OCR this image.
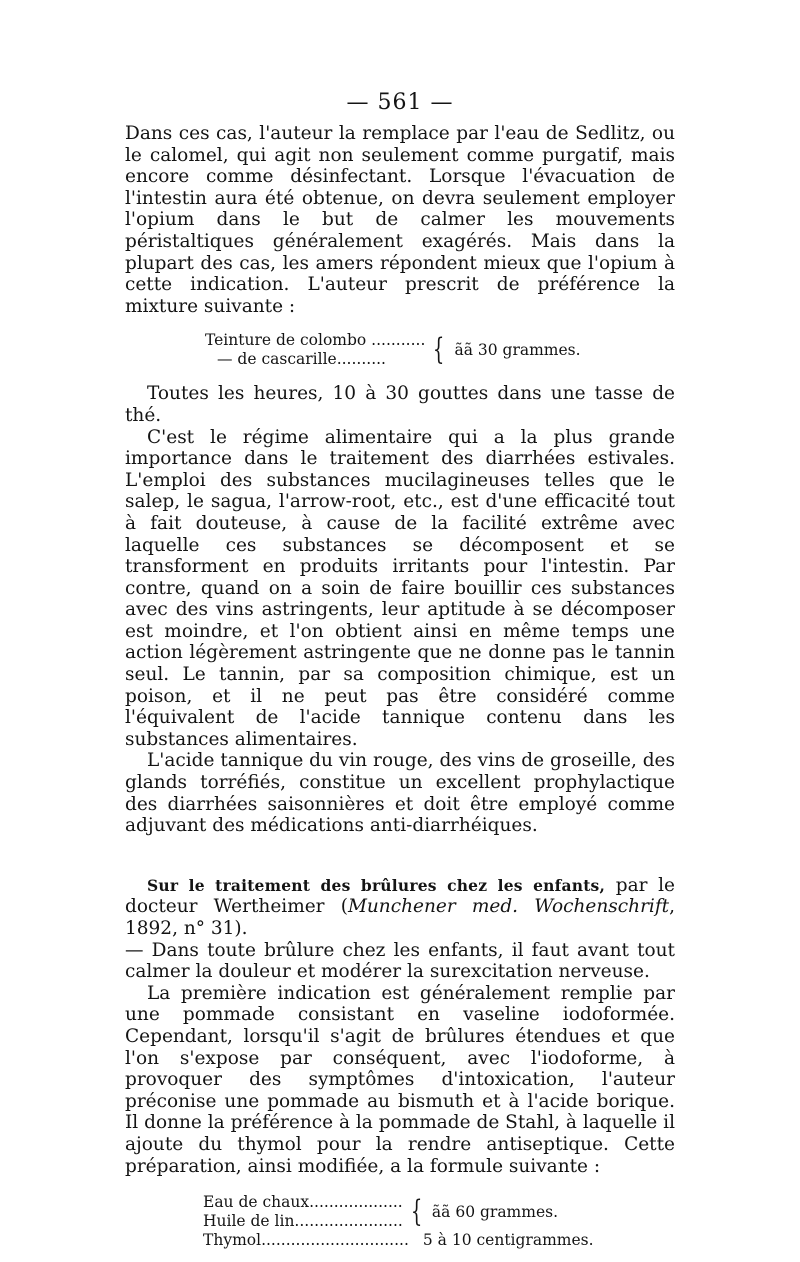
— 561 —

Dans ces cas, l'auteur la remplace par l'eau de Sedlitz, ou le calomel, qui agit non seulement comme purgatif, mais encore comme désinfectant. Lorsque l'évacuation de l'intestin aura été obtenue, on devra seulement employer l'opium dans le but de calmer les mouvements péristaltiques généralement exagérés. Mais dans la plupart des cas, les amers répondent mieux que l'opium à cette indication. L'auteur prescrit de préférence la mixture suivante :

Teinture de colombo ...........
— de cascarille..........	{ ãã 30 grammes.

Toutes les heures, 10 à 30 gouttes dans une tasse de thé.

C'est le régime alimentaire qui a la plus grande importance dans le traitement des diarrhées estivales. L'emploi des substances mucilagineuses telles que le salep, le sagua, l'arrow-root, etc., est d'une efficacité tout à fait douteuse, à cause de la facilité extrême avec laquelle ces substances se décomposent et se transforment en produits irritants pour l'intestin. Par contre, quand on a soin de faire bouillir ces substances avec des vins astringents, leur aptitude à se décomposer est moindre, et l'on obtient ainsi en même temps une action légèrement astringente que ne donne pas le tannin seul. Le tannin, par sa composition chimique, est un poison, et il ne peut pas être considéré comme l'équivalent de l'acide tannique contenu dans les substances alimentaires.

L'acide tannique du vin rouge, des vins de groseille, des glands torréfiés, constitue un excellent prophylactique des diarrhées saisonnières et doit être employé comme adjuvant des médications anti-diarrhéiques.

Sur le traitement des brûlures chez les enfants, par le docteur Wertheimer (Munchener med. Wochenschrift, 1892, n° 31).

— Dans toute brûlure chez les enfants, il faut avant tout calmer la douleur et modérer la surexcitation nerveuse.

La première indication est généralement remplie par une pommade consistant en vaseline iodoformée. Cependant, lorsqu'il s'agit de brûlures étendues et que l'on s'expose par conséquent, avec l'iodoforme, à provoquer des symptômes d'intoxication, l'auteur préconise une pommade au bismuth et à l'acide borique. Il donne la préférence à la pommade de Stahl, à laquelle il ajoute du thymol pour la rendre antiseptique. Cette préparation, ainsi modifiée, a la formule suivante :

Eau de chaux...................
Huile de lin...................... { ãã 60 grammes.
Thymol.............................. 5 à 10 centigrammes.
